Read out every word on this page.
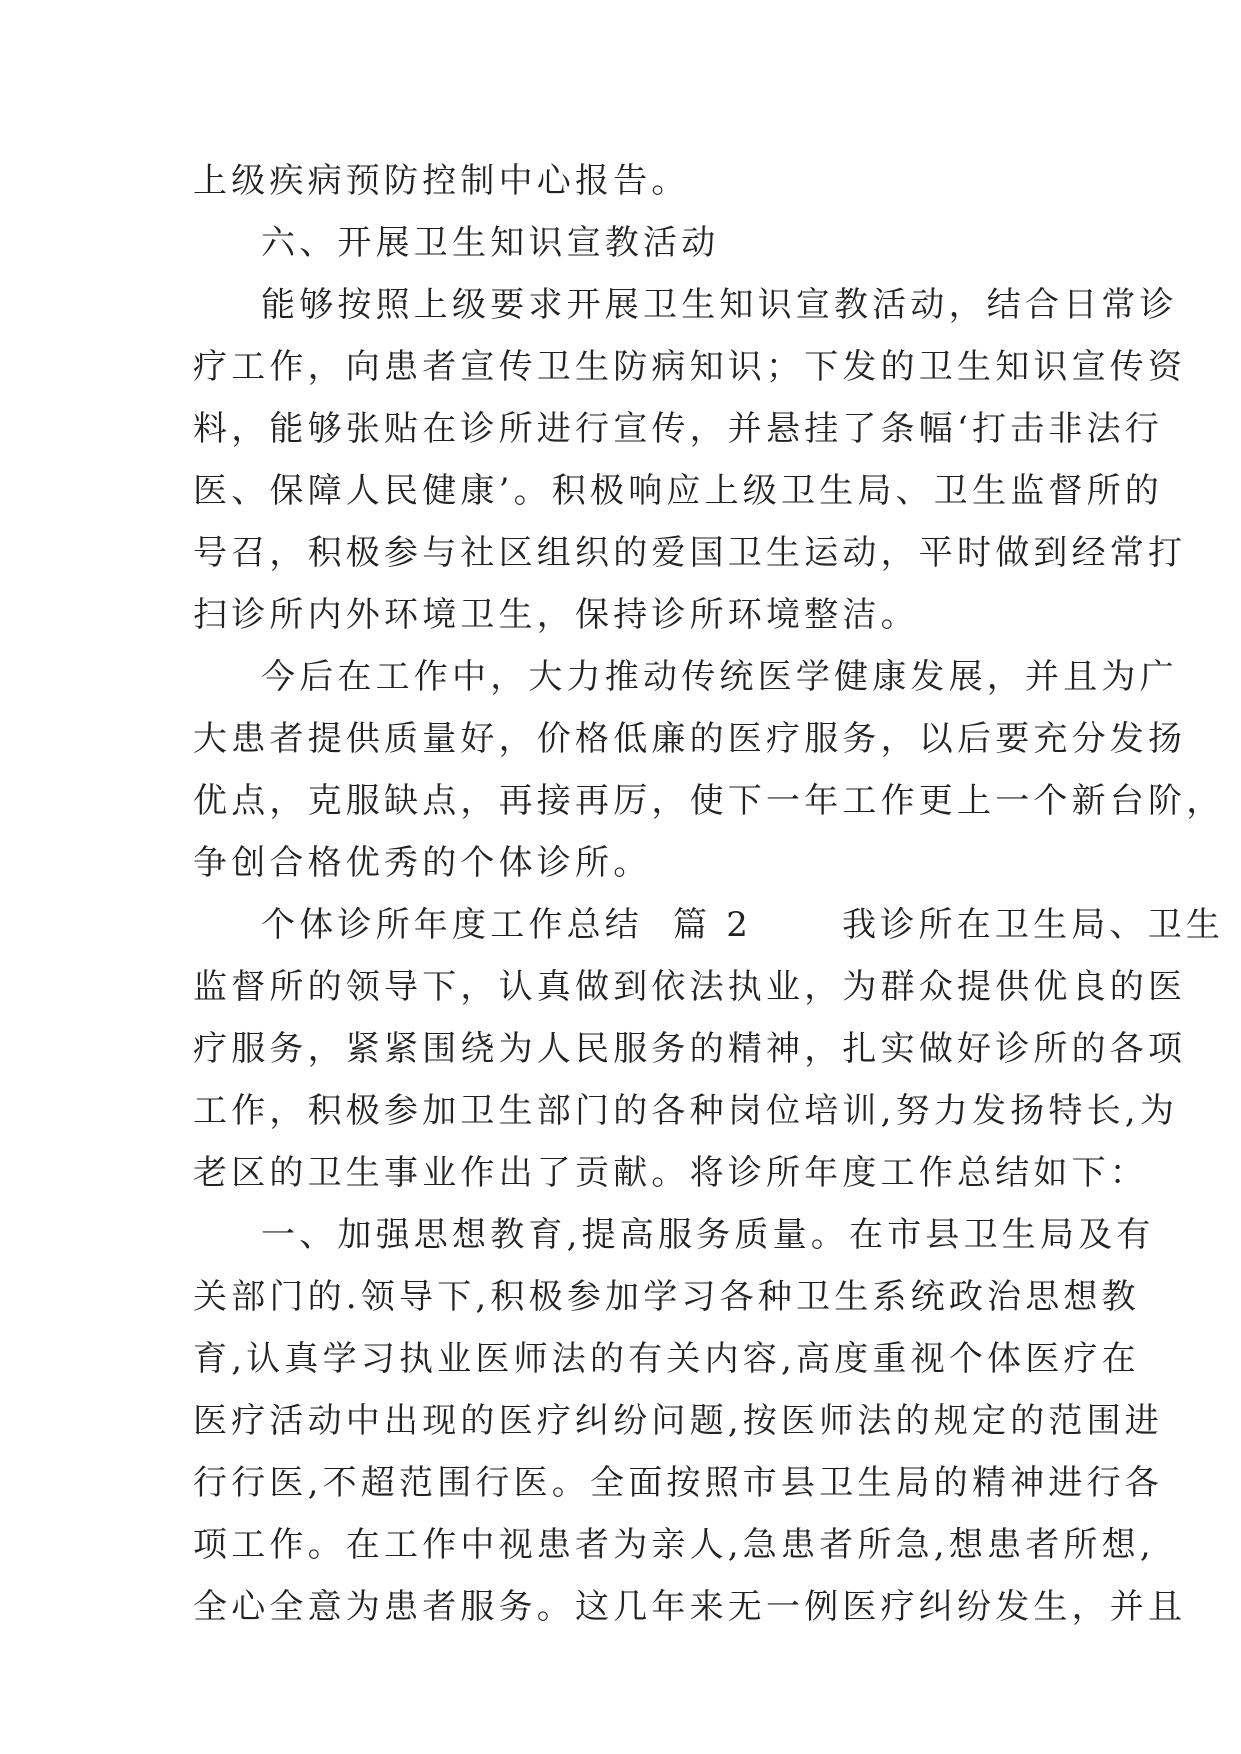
上级疾病预防控制中心报告。
六、开展卫生知识宣教活动
能够按照上级要求开展卫生知识宣教活动，结合日常诊
疗工作，向患者宣传卫生防病知识；下发的卫生知识宣传资
料，能够张贴在诊所进行宣传，并悬挂了条幅‘打击非法行
医、保障人民健康’。积极响应上级卫生局、卫生监督所的
号召，积极参与社区组织的爱国卫生运动，平时做到经常打
扫诊所内外环境卫生，保持诊所环境整洁。
今后在工作中，大力推动传统医学健康发展，并且为广
大患者提供质量好，价格低廉的医疗服务，以后要充分发扬
优点，克服缺点，再接再厉，使下一年工作更上一个新台阶，
争创合格优秀的个体诊所。
个体诊所年度工作总结  篇 2      我诊所在卫生局、卫生
监督所的领导下，认真做到依法执业，为群众提供优良的医
疗服务，紧紧围绕为人民服务的精神，扎实做好诊所的各项
工作，积极参加卫生部门的各种岗位培训,努力发扬特长,为
老区的卫生事业作出了贡献。将诊所年度工作总结如下：
一、加强思想教育,提高服务质量。在市县卫生局及有
关部门的.领导下,积极参加学习各种卫生系统政治思想教
育,认真学习执业医师法的有关内容,高度重视个体医疗在
医疗活动中出现的医疗纠纷问题,按医师法的规定的范围进
行行医,不超范围行医。全面按照市县卫生局的精神进行各
项工作。在工作中视患者为亲人,急患者所急,想患者所想,
全心全意为患者服务。这几年来无一例医疗纠纷发生，并且
